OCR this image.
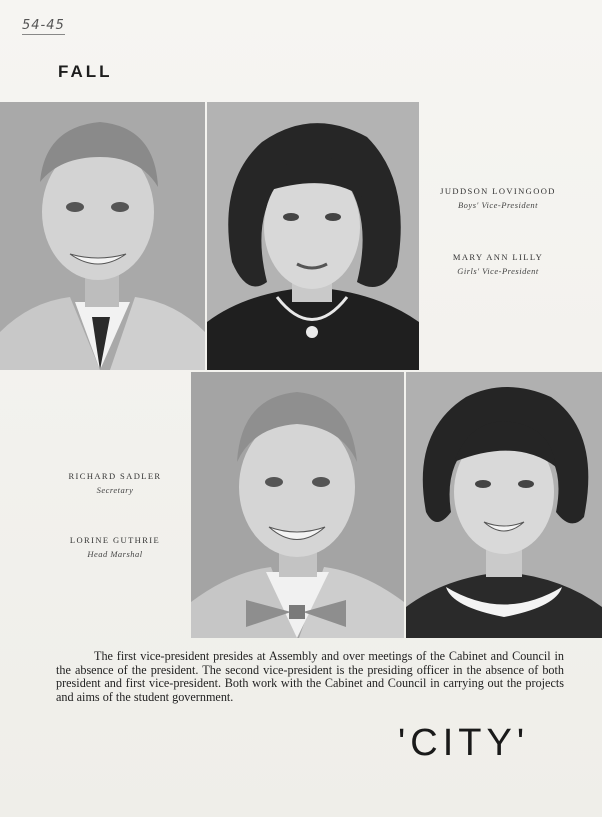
54-45
FALL
JUDDSON LOVINGOOD
Boys' Vice-President
MARY ANN LILLY
Girls' Vice-President
RICHARD SADLER
Secretary
LORINE GUTHRIE
Head Marshal
The first vice-president presides at Assembly and over meetings of the Cabinet and Council in the absence of the president. The second vice-president is the presiding officer in the absence of both president and first vice-president. Both work with the Cabinet and Council in carrying out the projects and aims of the student government.
'CITY'
